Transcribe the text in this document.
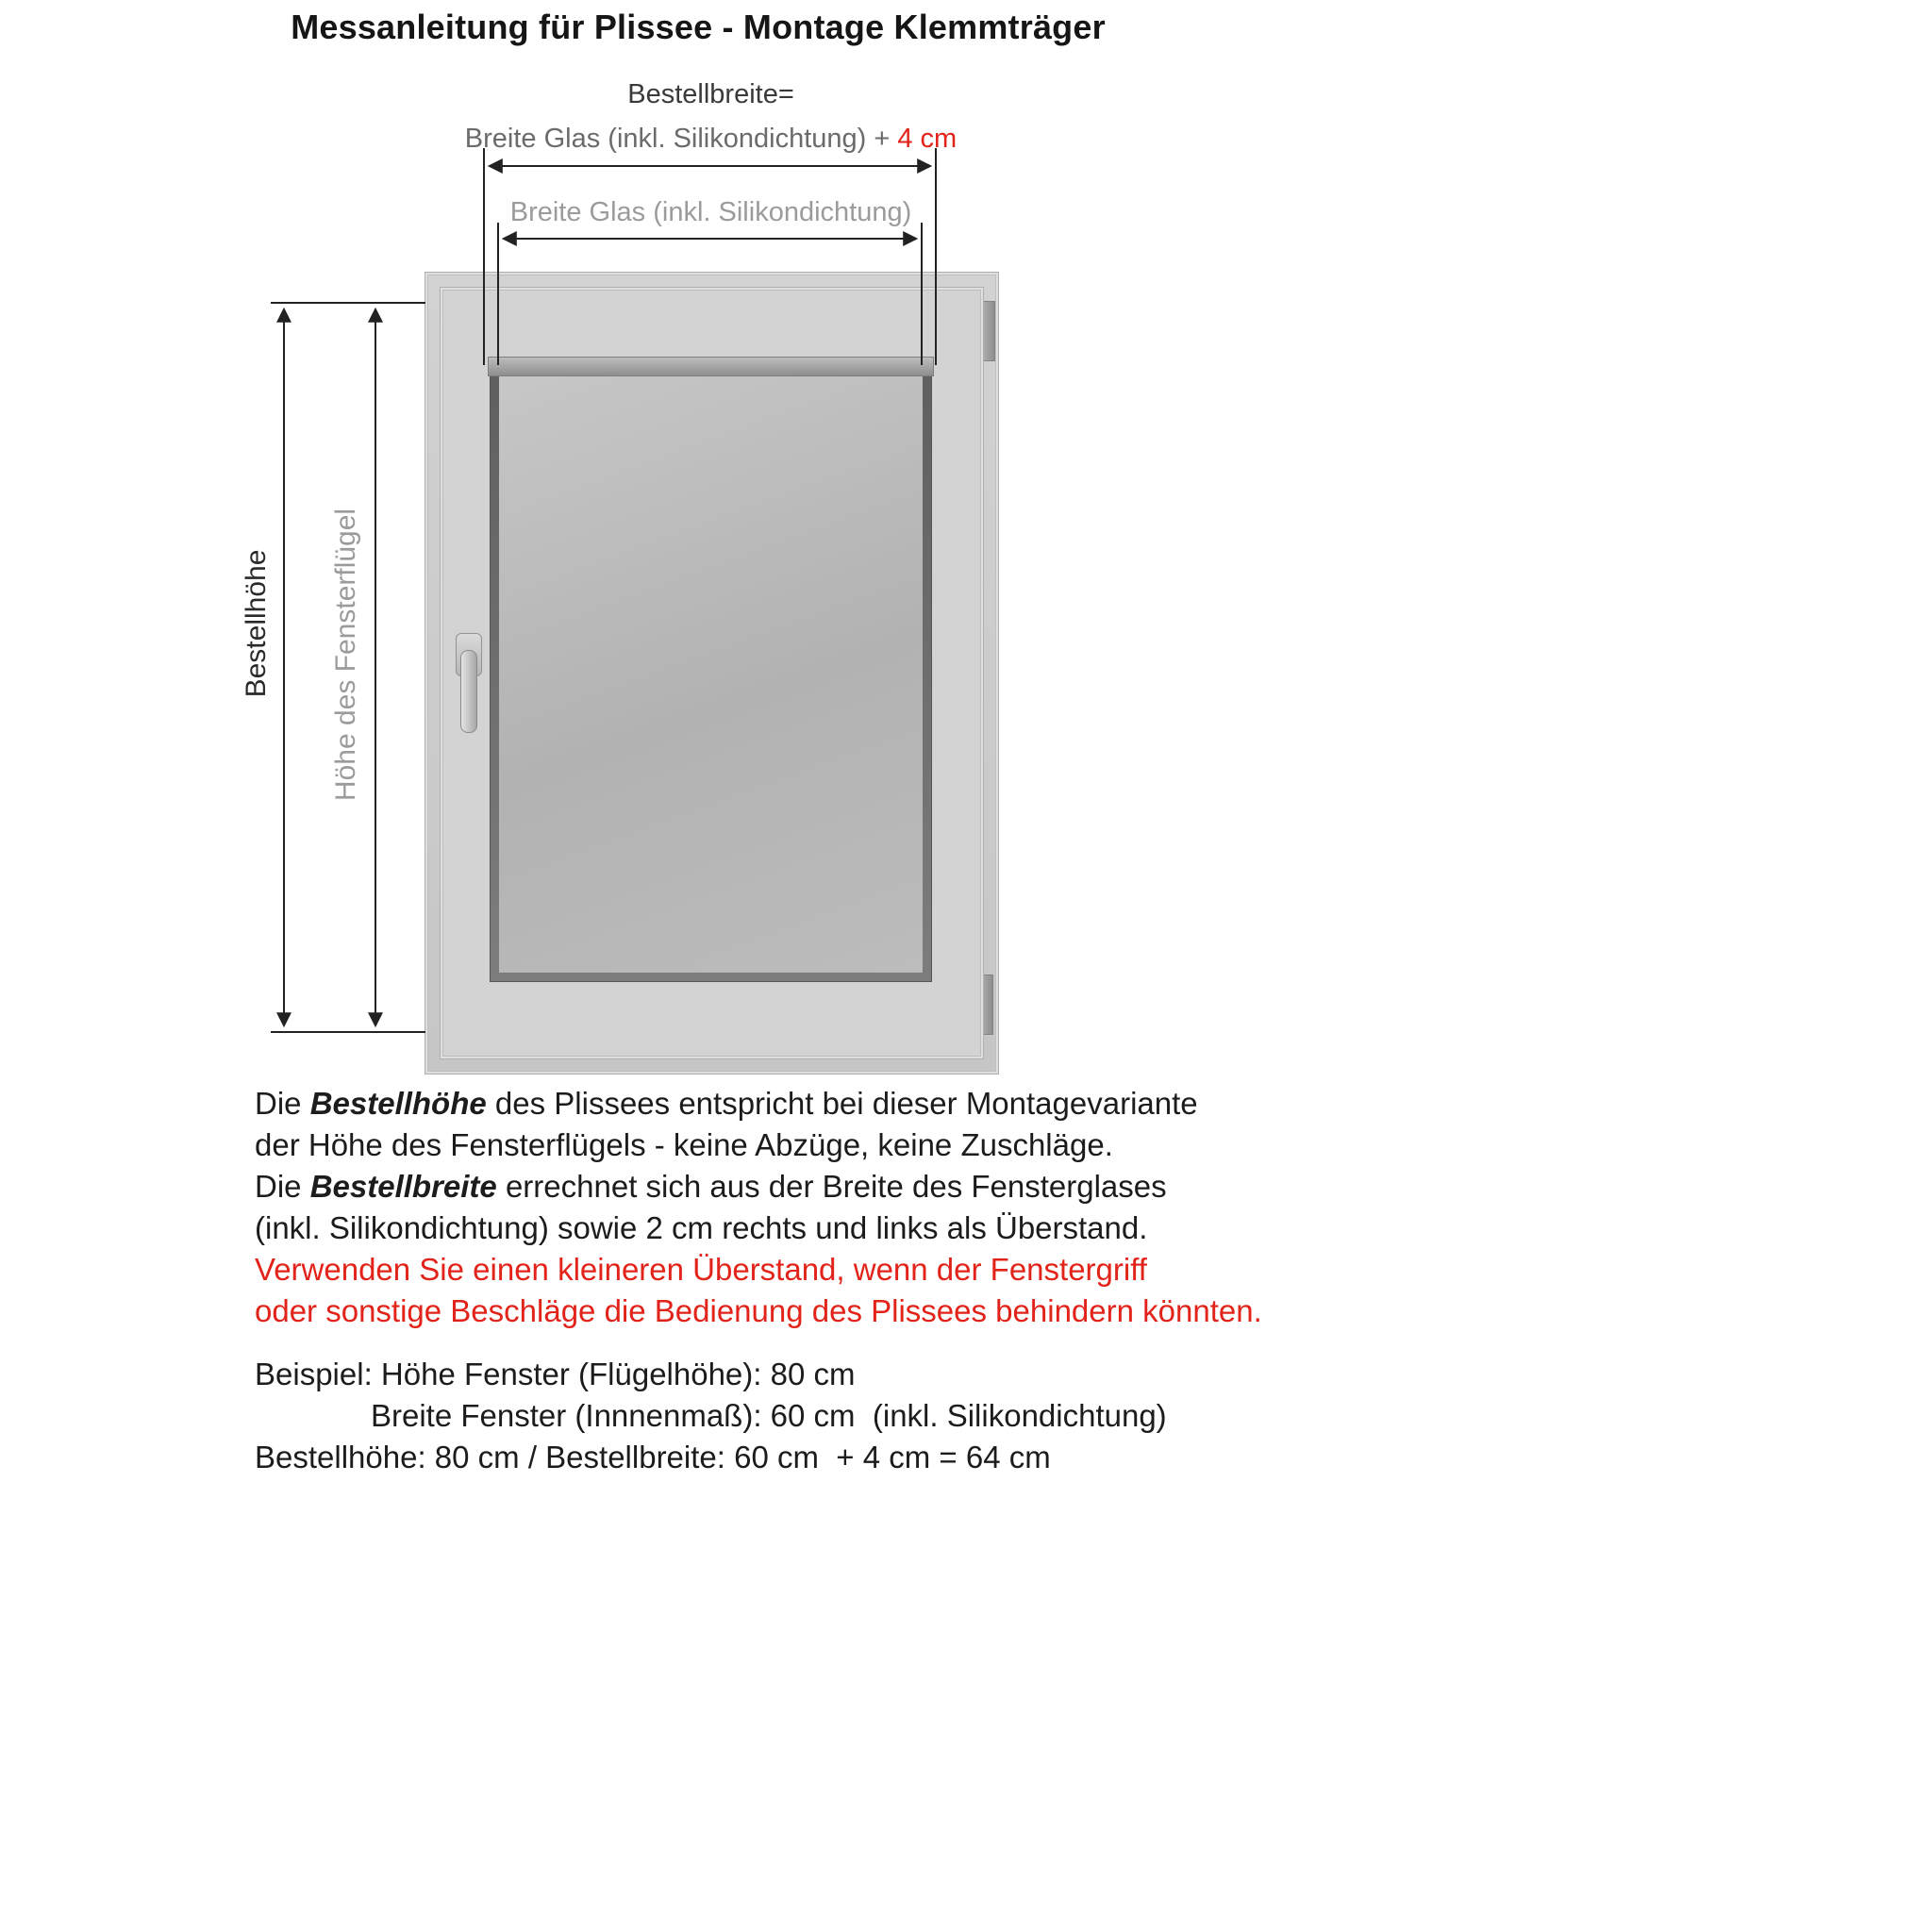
Messanleitung für Plissee - Montage Klemmträger
Bestellbreite=
Breite Glas (inkl. Silikondichtung) + 4 cm
Breite Glas (inkl. Silikondichtung)
Bestellhöhe Höhe des Fensterflügel
Die Bestellhöhe des Plissees entspricht bei dieser Montagevariante
der Höhe des Fensterflügels - keine Abzüge, keine Zuschläge.
Die Bestellbreite errechnet sich aus der Breite des Fensterglases
(inkl. Silikondichtung) sowie 2 cm rechts und links als Überstand.
Verwenden Sie einen kleineren Überstand, wenn der Fenstergriff
oder sonstige Beschläge die Bedienung des Plissees behindern könnten.
Beispiel: Höhe Fenster (Flügelhöhe): 80 cm
Breite Fenster (Innnenmaß): 60 cm  (inkl. Silikondichtung)
Bestellhöhe: 80 cm / Bestellbreite: 60 cm  + 4 cm = 64 cm
